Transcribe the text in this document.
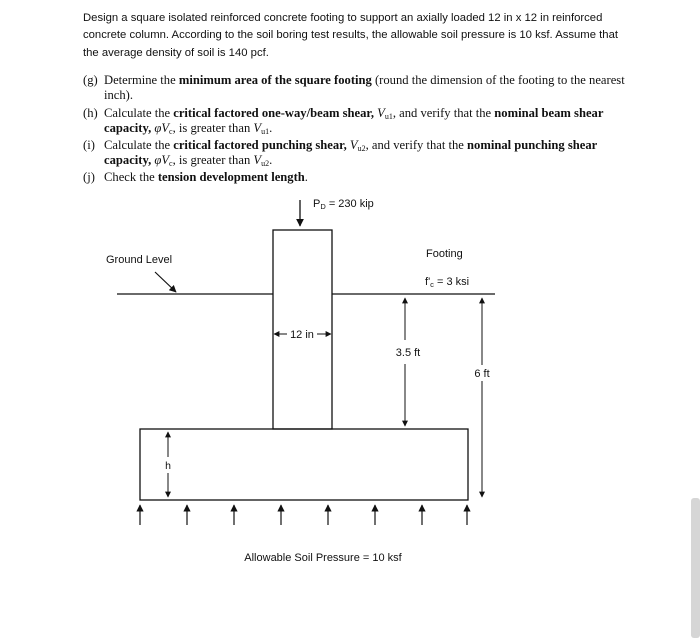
Design a square isolated reinforced concrete footing to support an axially loaded 12 in x 12 in reinforced concrete column. According to the soil boring test results, the allowable soil pressure is 10 ksf. Assume that the average density of soil is 140 pcf.

(g) Determine the minimum area of the square footing (round the dimension of the footing to the nearest inch).

(h) Calculate the critical factored one-way/beam shear, $V_{u1}$, and verify that the nominal beam shear capacity, $\varphi V_c$, is greater than $V_{u1}$.

(i) Calculate the critical factored punching shear, $V_{u2}$, and verify that the nominal punching shear capacity, $\varphi V_c$, is greater than $V_{u2}$.

(j) Check the tension development length.

PD = 230 kip
Ground Level	Footing
f'c = 3 ksi
12 in
3.5 ft
6 ft
h
Allowable Soil Pressure = 10 ksf
